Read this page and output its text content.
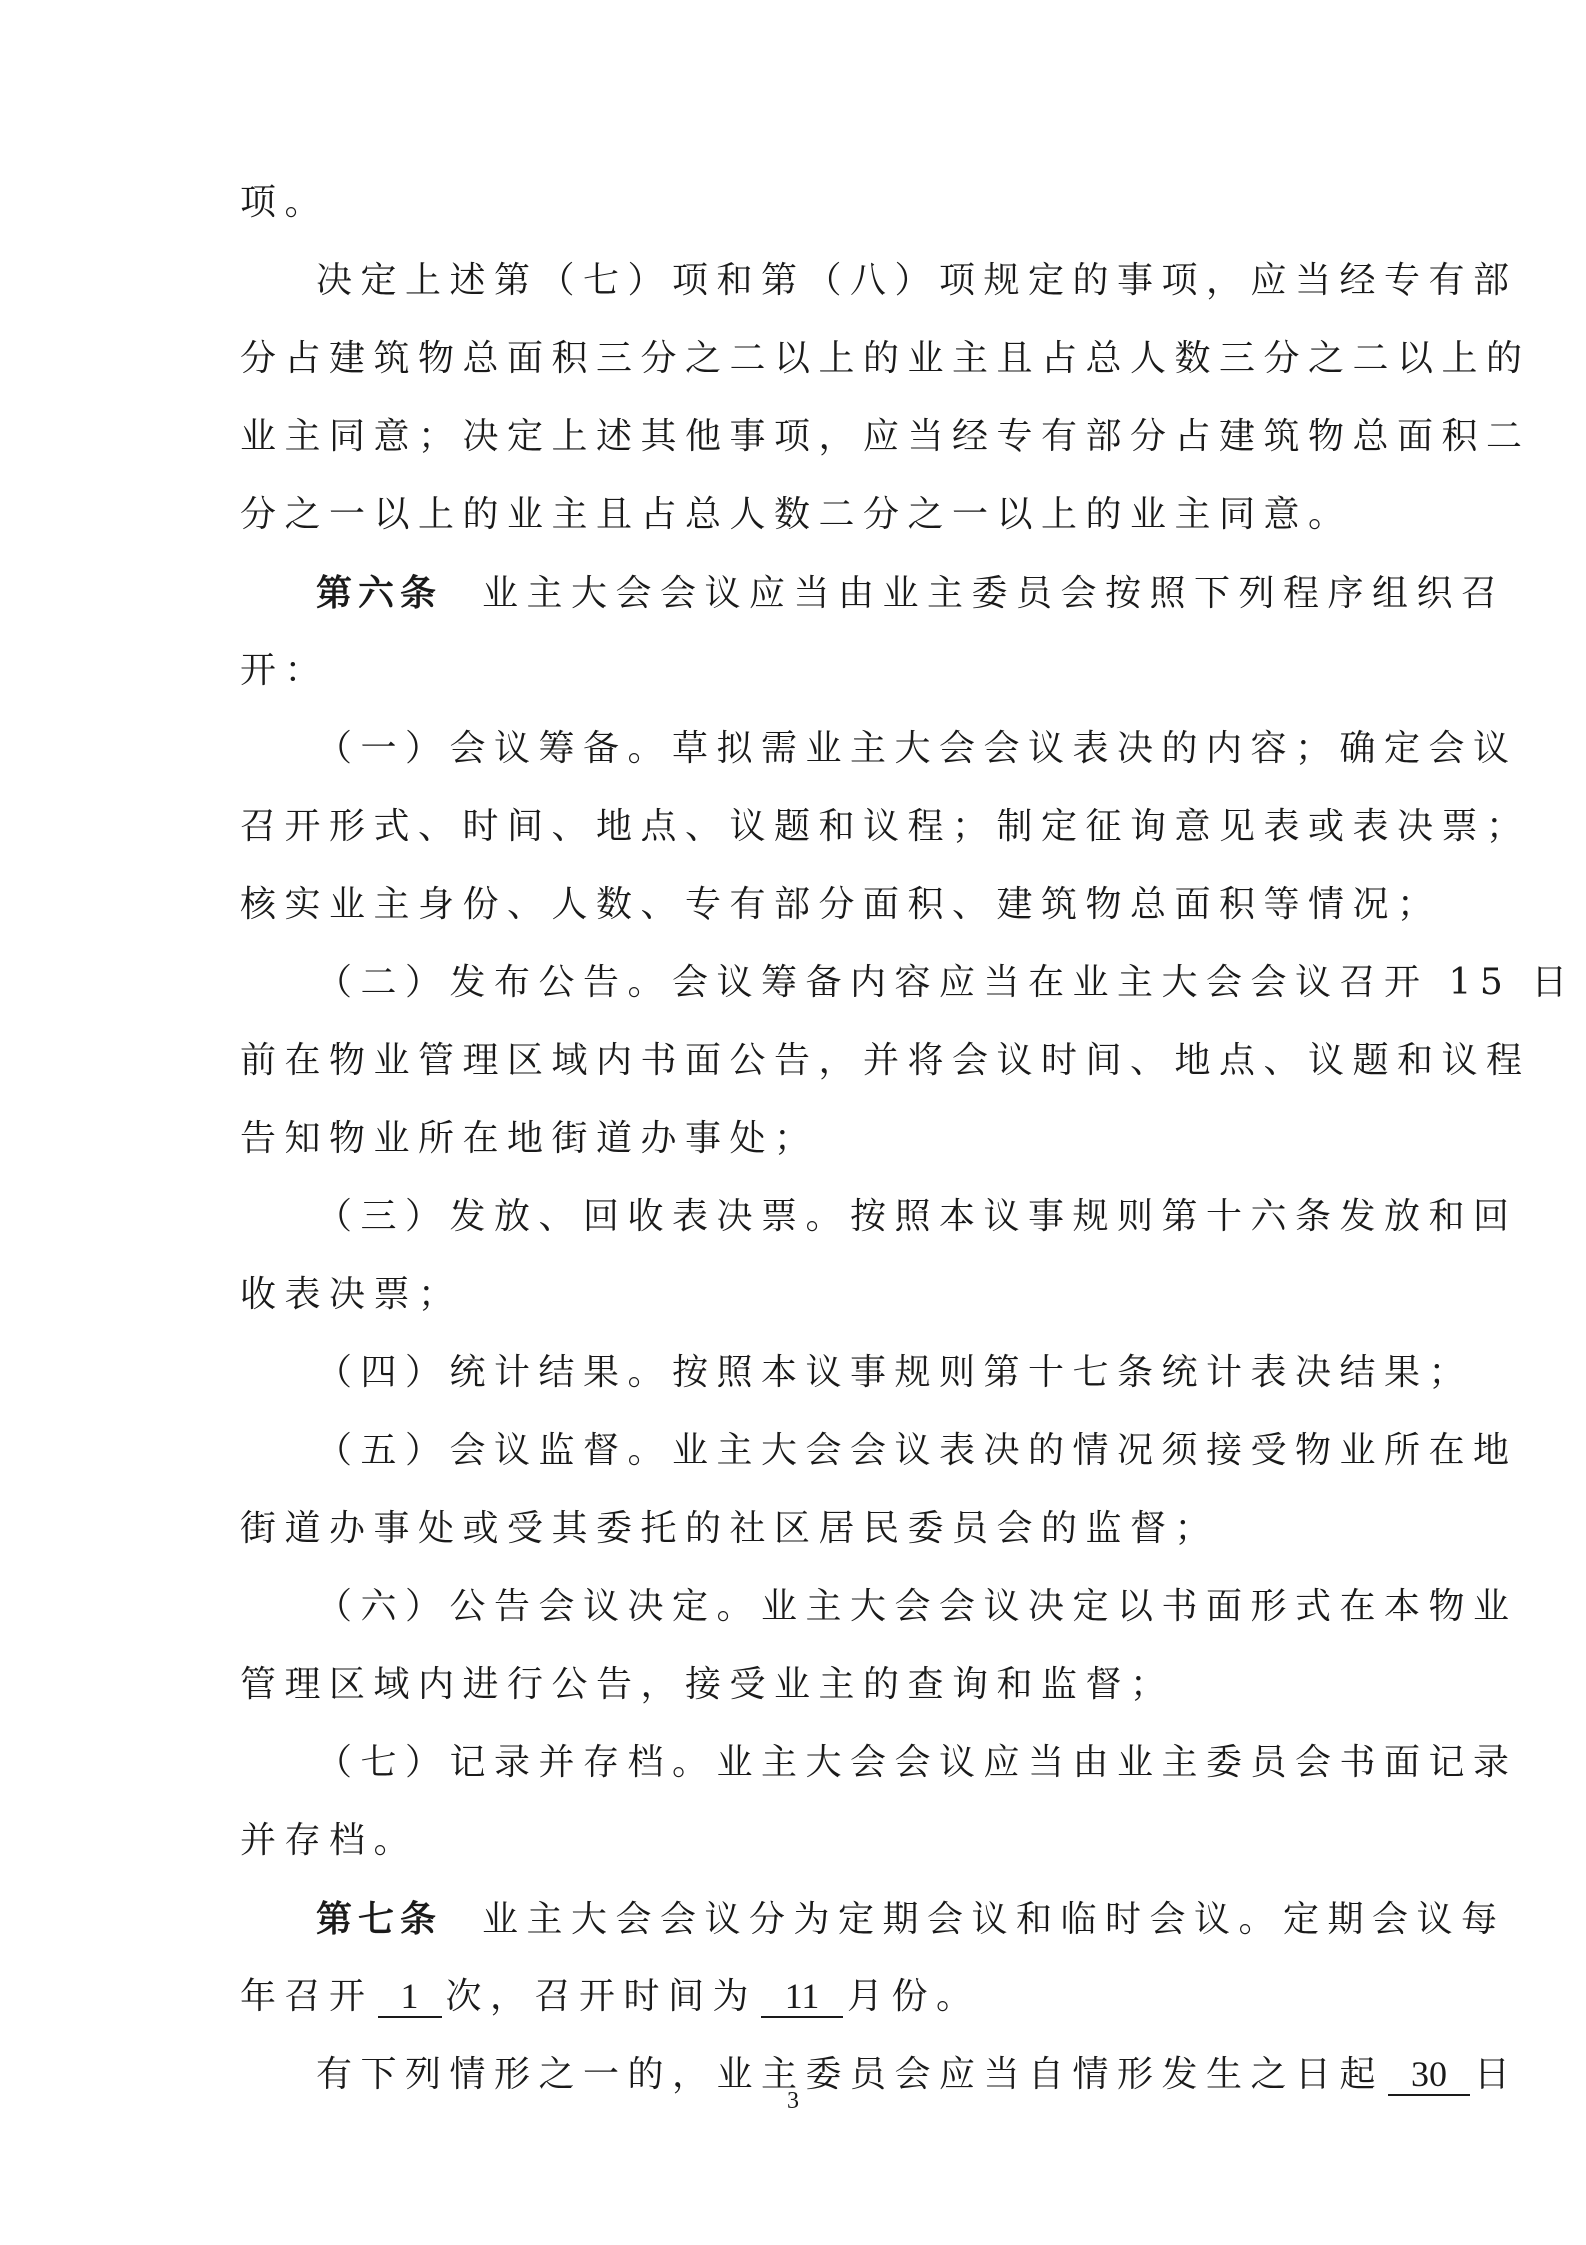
项。
决定上述第（七）项和第（八）项规定的事项，应当经专有部
分占建筑物总面积三分之二以上的业主且占总人数三分之二以上的
业主同意；决定上述其他事项，应当经专有部分占建筑物总面积二
分之一以上的业主且占总人数二分之一以上的业主同意。
第六条 业主大会会议应当由业主委员会按照下列程序组织召
开：
（一）会议筹备。草拟需业主大会会议表决的内容；确定会议
召开形式、时间、地点、议题和议程；制定征询意见表或表决票；
核实业主身份、人数、专有部分面积、建筑物总面积等情况；
（二）发布公告。会议筹备内容应当在业主大会会议召开 15 日
前在物业管理区域内书面公告，并将会议时间、地点、议题和议程
告知物业所在地街道办事处；
（三）发放、回收表决票。按照本议事规则第十六条发放和回
收表决票；
（四）统计结果。按照本议事规则第十七条统计表决结果；
（五）会议监督。业主大会会议表决的情况须接受物业所在地
街道办事处或受其委托的社区居民委员会的监督；
（六）公告会议决定。业主大会会议决定以书面形式在本物业
管理区域内进行公告，接受业主的查询和监督；
（七）记录并存档。业主大会会议应当由业主委员会书面记录
并存档。
第七条 业主大会会议分为定期会议和临时会议。定期会议每
年召开 1 次，召开时间为 11 月份。
有下列情形之一的，业主委员会应当自情形发生之日起 30 日
3
